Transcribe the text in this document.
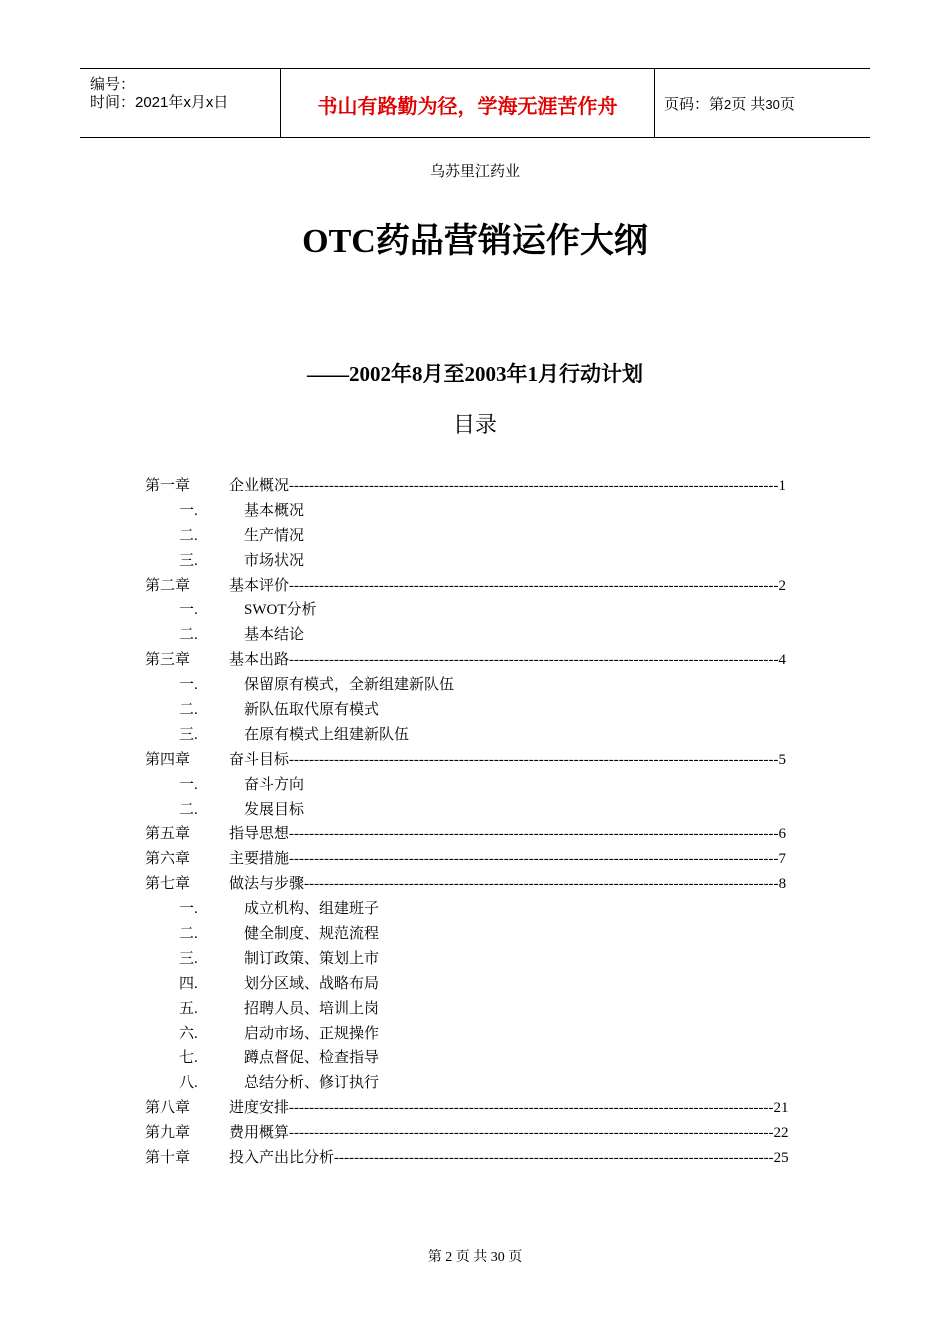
编号：
时间：2021年x月x日	书山有路勤为径，学海无涯苦作舟	页码：第2页 共30页
乌苏里江药业
OTC药品营销运作大纲
——2002年8月至2003年1月行动计划
目录
第一章	企业概况--------------------------------------------------------------------------------------------------1
一.	基本概况
二.	生产情况
三.	市场状况
第二章	基本评价--------------------------------------------------------------------------------------------------2
一.	SWOT分析
二.	基本结论
第三章	基本出路--------------------------------------------------------------------------------------------------4
一.	保留原有模式，全新组建新队伍
二.	新队伍取代原有模式
三.	在原有模式上组建新队伍
第四章	奋斗目标--------------------------------------------------------------------------------------------------5
一.	奋斗方向
二.	发展目标
第五章	指导思想--------------------------------------------------------------------------------------------------6
第六章	主要措施--------------------------------------------------------------------------------------------------7
第七章	做法与步骤-----------------------------------------------------------------------------------------------8
一.	成立机构、组建班子
二.	健全制度、规范流程
三.	制订政策、策划上市
四.	划分区域、战略布局
五.	招聘人员、培训上岗
六.	启动市场、正规操作
七.	蹲点督促、检查指导
八.	总结分析、修订执行
第八章	进度安排-------------------------------------------------------------------------------------------------21
第九章	费用概算-------------------------------------------------------------------------------------------------22
第十章	投入产出比分析----------------------------------------------------------------------------------------25
第 2 页 共 30 页
